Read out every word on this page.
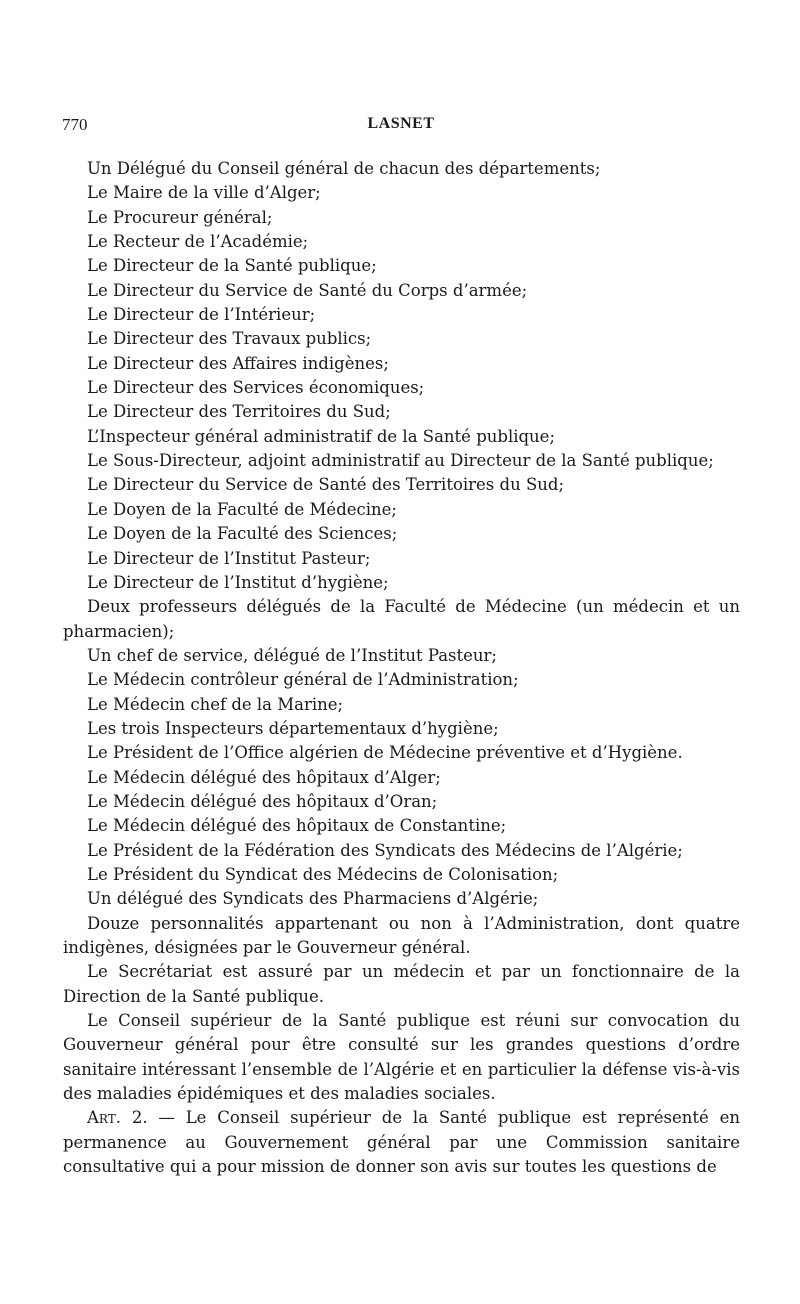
770	LASNET
Un Délégué du Conseil général de chacun des départements;
Le Maire de la ville d’Alger;
Le Procureur général;
Le Recteur de l’Académie;
Le Directeur de la Santé publique;
Le Directeur du Service de Santé du Corps d’armée;
Le Directeur de l’Intérieur;
Le Directeur des Travaux publics;
Le Directeur des Affaires indigènes;
Le Directeur des Services économiques;
Le Directeur des Territoires du Sud;
L’Inspecteur général administratif de la Santé publique;
Le Sous-Directeur, adjoint administratif au Directeur de la Santé publique;
Le Directeur du Service de Santé des Territoires du Sud;
Le Doyen de la Faculté de Médecine;
Le Doyen de la Faculté des Sciences;
Le Directeur de l’Institut Pasteur;
Le Directeur de l’Institut d’hygiène;
Deux professeurs délégués de la Faculté de Médecine (un médecin et un pharmacien);
Un chef de service, délégué de l’Institut Pasteur;
Le Médecin contrôleur général de l’Administration;
Le Médecin chef de la Marine;
Les trois Inspecteurs départementaux d’hygiène;
Le Président de l’Office algérien de Médecine préventive et d’Hygiène.
Le Médecin délégué des hôpitaux d’Alger;
Le Médecin délégué des hôpitaux d’Oran;
Le Médecin délégué des hôpitaux de Constantine;
Le Président de la Fédération des Syndicats des Médecins de l’Algérie;
Le Président du Syndicat des Médecins de Colonisation;
Un délégué des Syndicats des Pharmaciens d’Algérie;
Douze personnalités appartenant ou non à l’Administration, dont quatre indigènes, désignées par le Gouverneur général.
Le Secrétariat est assuré par un médecin et par un fonctionnaire de la Direction de la Santé publique.
Le Conseil supérieur de la Santé publique est réuni sur convocation du Gouverneur général pour être consulté sur les grandes questions d’ordre sanitaire intéressant l’ensemble de l’Algérie et en particulier la défense vis-à-vis des maladies épidémiques et des maladies sociales.
Art. 2. — Le Conseil supérieur de la Santé publique est représenté en permanence au Gouvernement général par une Commission sanitaire consultative qui a pour mission de donner son avis sur toutes les questions de
